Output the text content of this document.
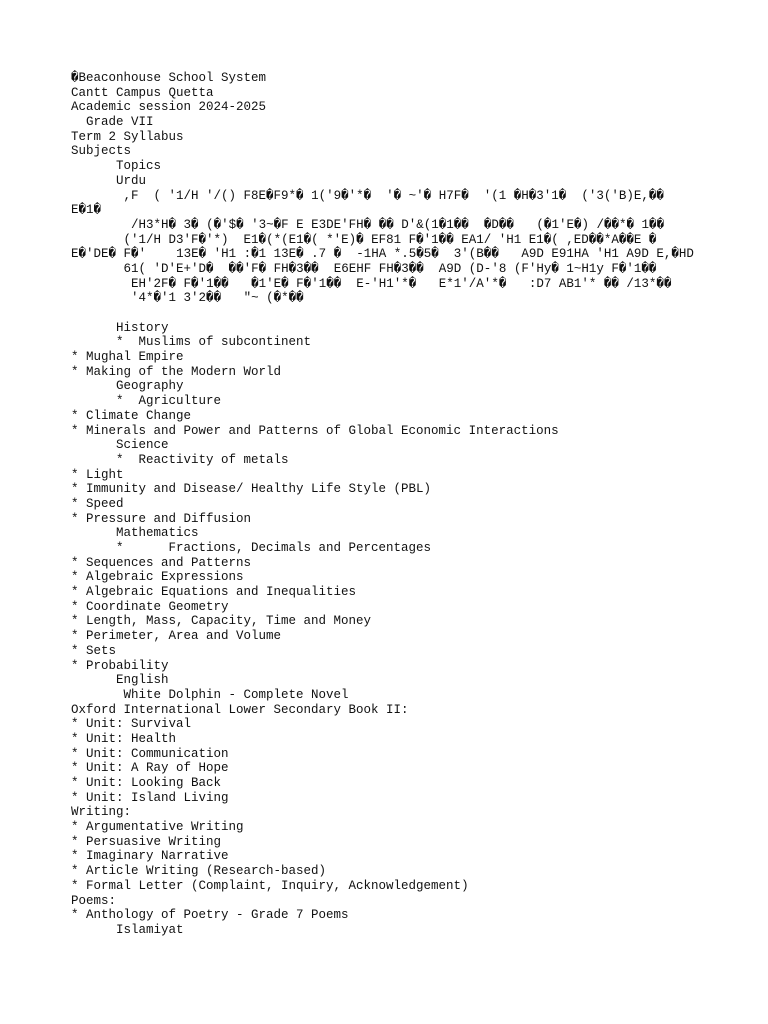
�Beaconhouse School System
Cantt Campus Quetta
Academic session 2024-2025
Grade VII
Term 2 Syllabus
Subjects
Topics
Urdu
,F  ( '1/H '/() F8E�F9*� 1('9�'*�  '� ~'� H7F�  '(1 �H�3'1�  ('3('B)E,��
E�1�
/H3*H� 3� (�'$� '3~�F E E3DE'FH� �� D'&(1�1��  �D��   (�1'E�) /��*� 1��
('1/H D3'F�'*)  E1�(*(E1�( *'E)� EF81 F�'1�� EA1/ 'H1 E1�( ,ED��*A��E �
E�'DE� F�'    13E� 'H1 :�1 13E� .7 �  -1HA *.5�5�  3'(B��   A9D E91HA 'H1 A9D E,�HD
61( 'D'E+'D�  ��'F� FH�3��  E6EHF FH�3��  A9D (D-'8 (F'Hy� 1~H1y F�'1��
EH'2F� F�'1��   �1'E� F�'1��  E-'H1'*�   E*1'/A'*�   :D7 AB1'* �� /13*��
'4*�'1 3'2��   "~ (�*��
History
*  Muslims of subcontinent
* Mughal Empire
* Making of the Modern World
Geography
*  Agriculture
* Climate Change
* Minerals and Power and Patterns of Global Economic Interactions
Science
*  Reactivity of metals
* Light
* Immunity and Disease/ Healthy Life Style (PBL)
* Speed
* Pressure and Diffusion
Mathematics
*      Fractions, Decimals and Percentages
* Sequences and Patterns
* Algebraic Expressions
* Algebraic Equations and Inequalities
* Coordinate Geometry
* Length, Mass, Capacity, Time and Money
* Perimeter, Area and Volume
* Sets
* Probability
English
White Dolphin - Complete Novel
Oxford International Lower Secondary Book II:
* Unit: Survival
* Unit: Health
* Unit: Communication
* Unit: A Ray of Hope
* Unit: Looking Back
* Unit: Island Living
Writing:
* Argumentative Writing
* Persuasive Writing
* Imaginary Narrative
* Article Writing (Research-based)
* Formal Letter (Complaint, Inquiry, Acknowledgement)
Poems:
* Anthology of Poetry - Grade 7 Poems
Islamiyat
